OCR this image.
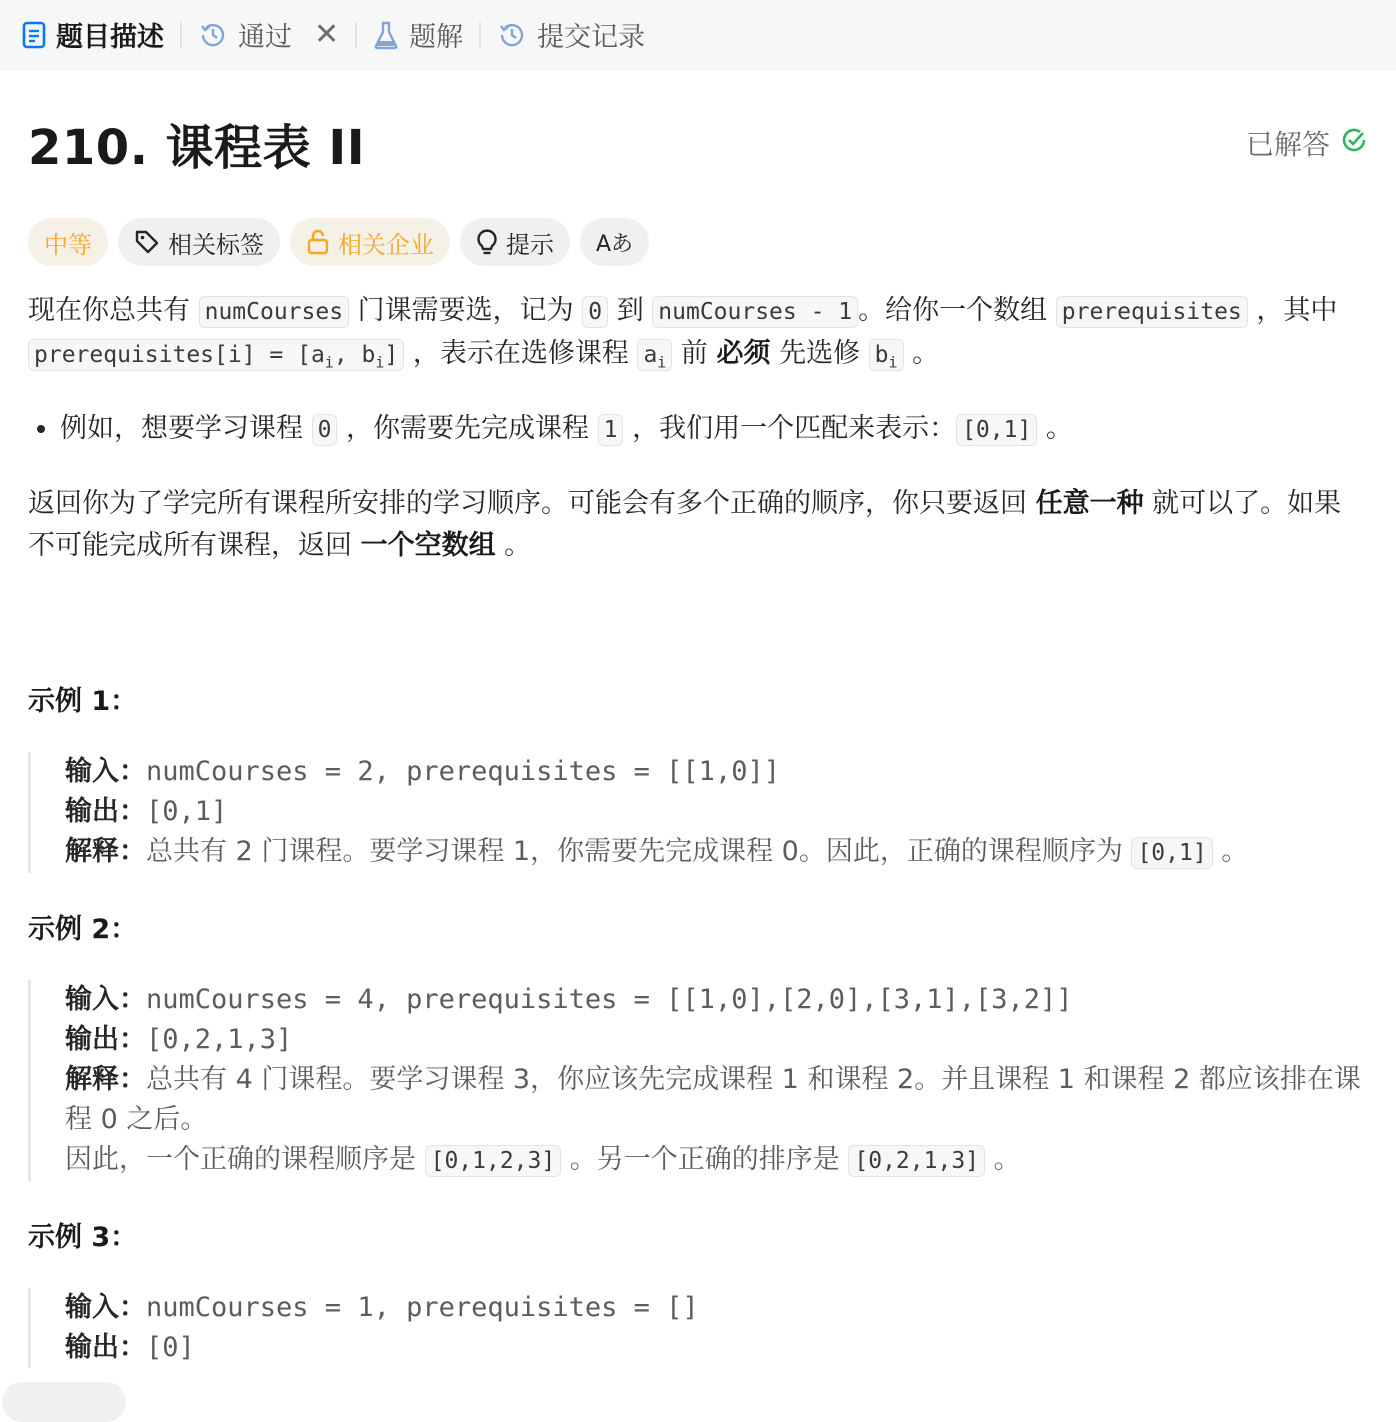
题目描述	通过 ✕	题解	提交记录
210. 课程表 II	已解答
中等	相关标签	相关企业	提示 Aあ

现在你总共有 numCourses 门课需要选，记为 0 到 numCourses - 1 。给你一个数组 prerequisites ，其中 prerequisites[i] = [$a_i$, $b_i$] ，表示在选修课程 $a_i$ 前 必须 先选修 $b_i$ 。

• 例如，想要学习课程 0 ，你需要先完成课程 1 ，我们用一个匹配来表示： [0,1] 。

返回你为了学完所有课程所安排的学习顺序。可能会有多个正确的顺序，你只要返回 任意一种 就可以了。如果不可能完成所有课程，返回 一个空数组 。

示例 1：
输入：numCourses = 2, prerequisites = [[1,0]]
输出：[0,1]
解释：总共有 2 门课程。要学习课程 1，你需要先完成课程 0。因此，正确的课程顺序为 [0,1] 。
示例 2：
输入：numCourses = 4, prerequisites = [[1,0],[2,0],[3,1],[3,2]]
输出：[0,2,1,3]
解释：总共有 4 门课程。要学习课程 3，你应该先完成课程 1 和课程 2。并且课程 1 和课程 2 都应该排在课程 0 之后。
因此，一个正确的课程顺序是 [0,1,2,3] 。另一个正确的排序是 [0,2,1,3] 。
示例 3：
输入：numCourses = 1, prerequisites = []
输出：[0]
